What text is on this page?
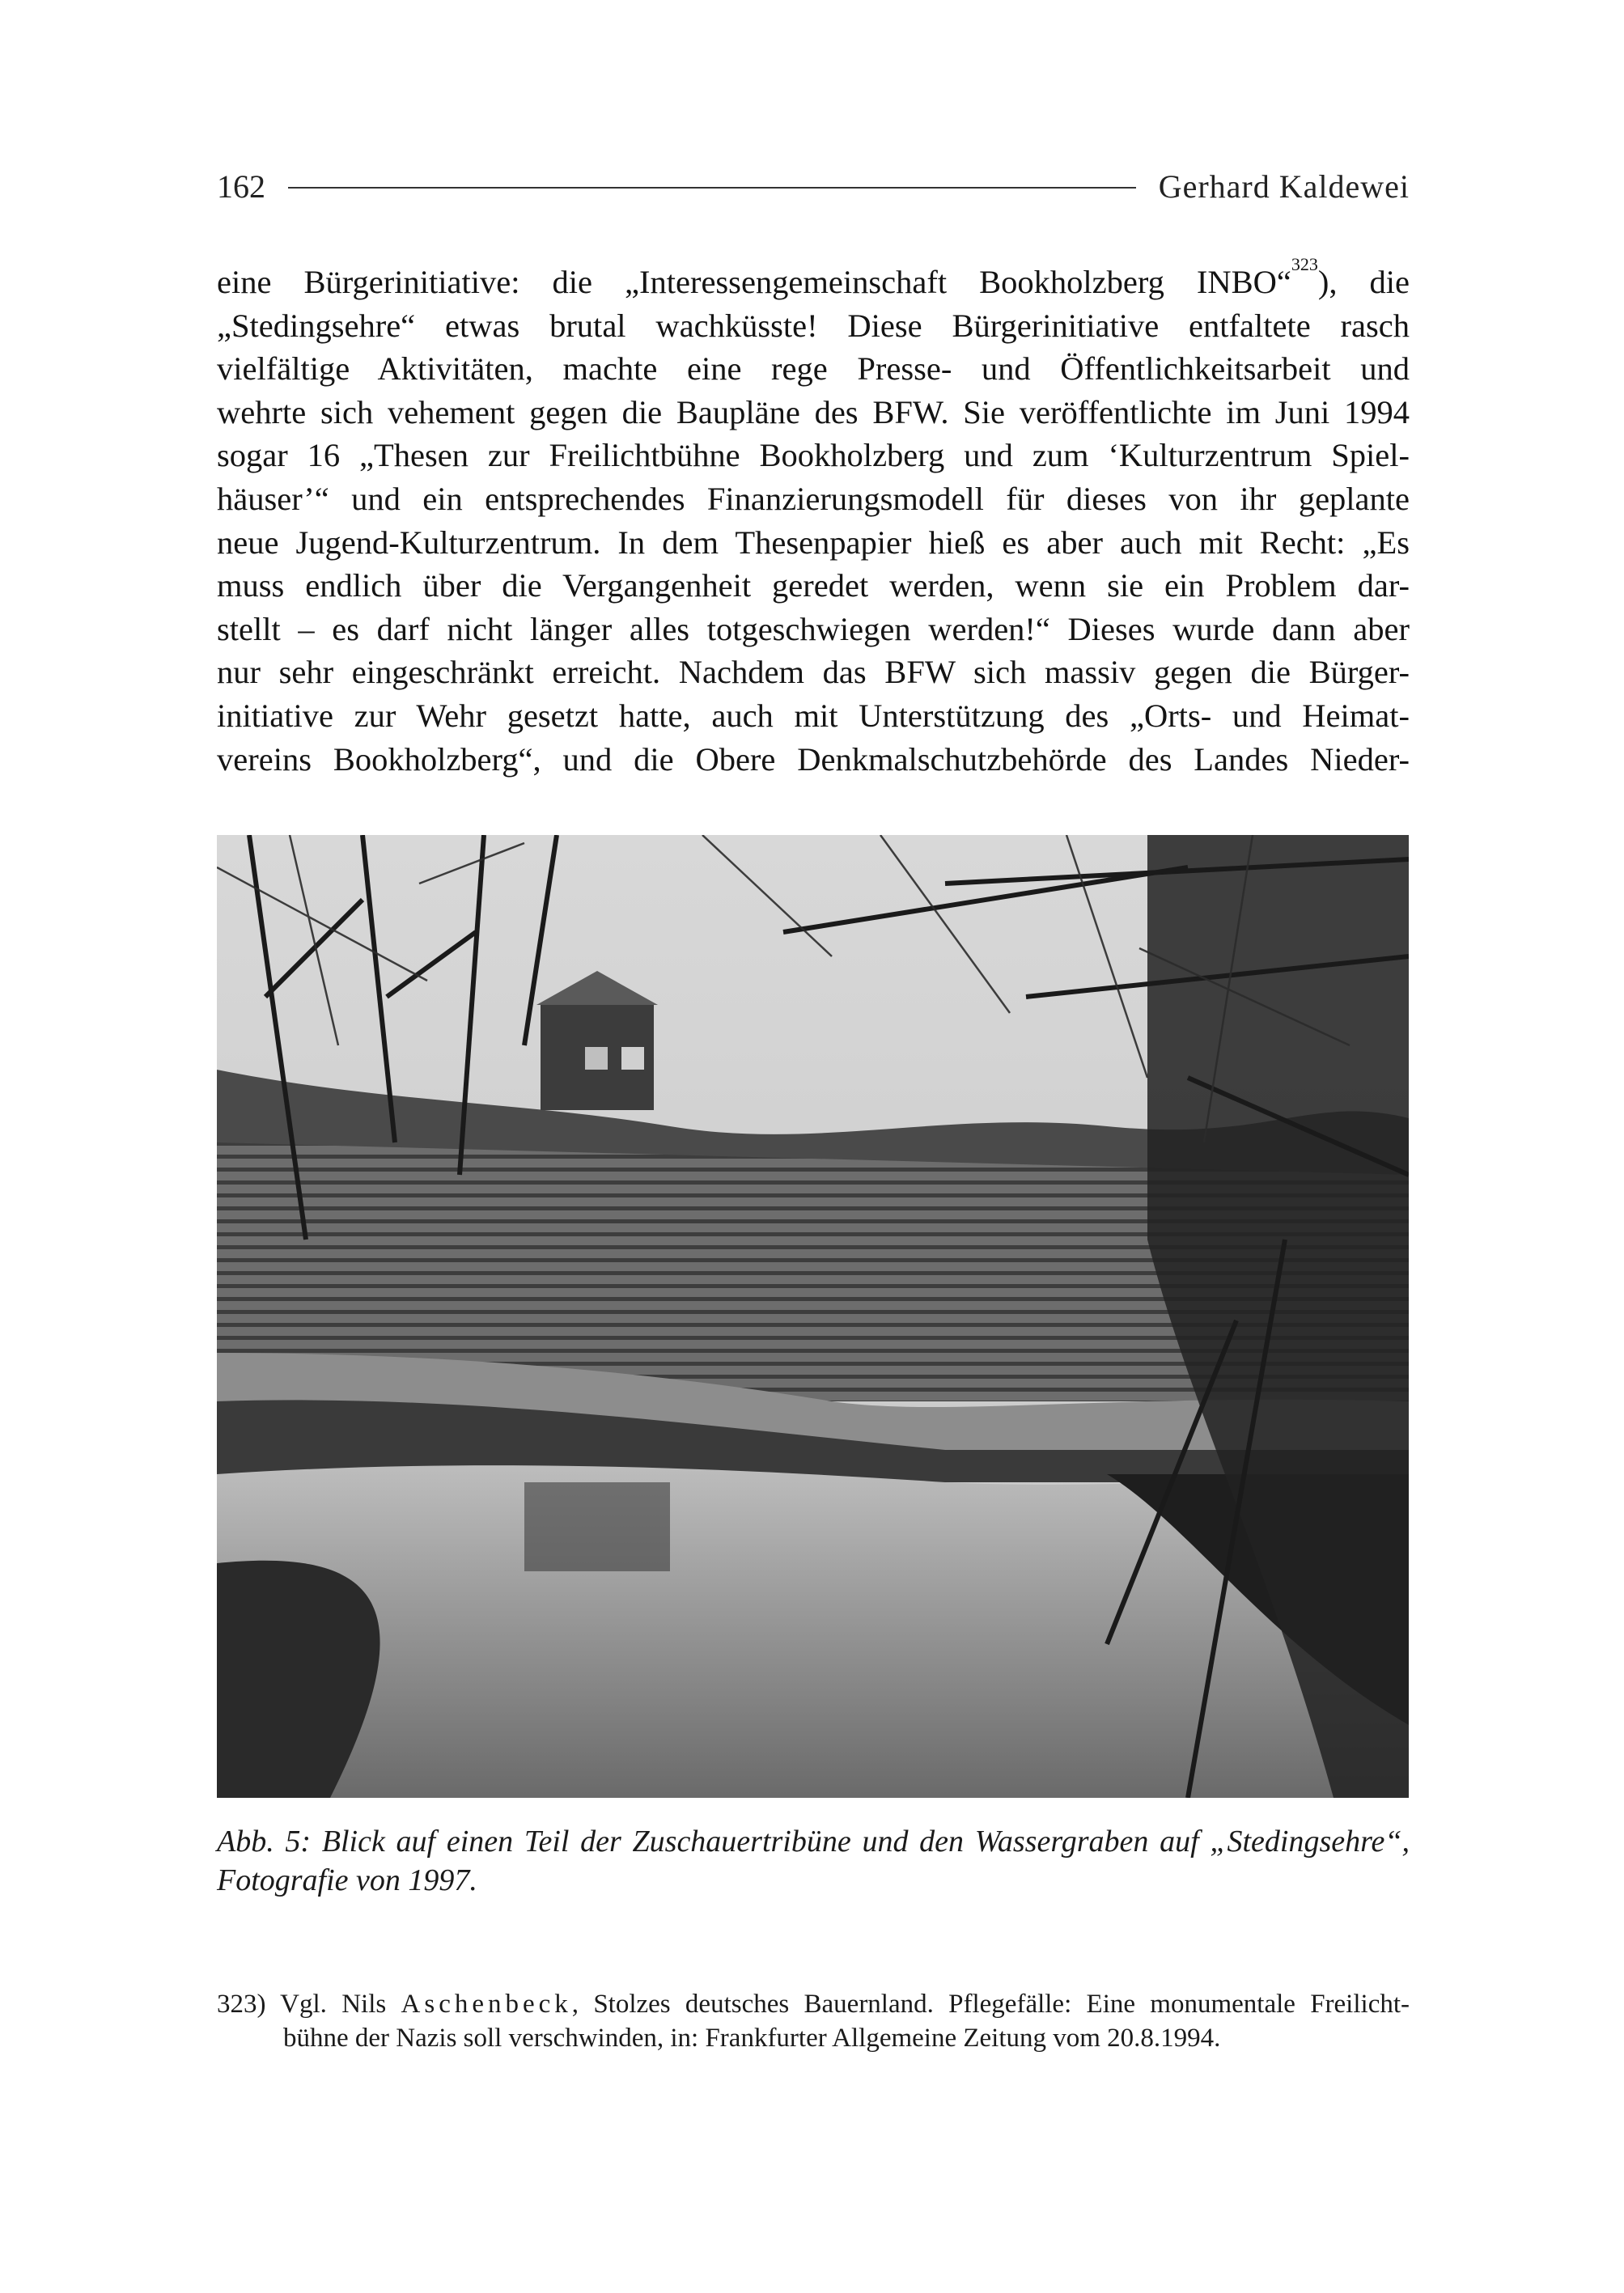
162	Gerhard Kaldewei
eine Bürgerinitiative: die „Interessengemeinschaft Bookholzberg INBO“$^{323}$), die
„Stedingsehre“ etwas brutal wachküsste! Diese Bürgerinitiative entfaltete rasch
vielfältige Aktivitäten, machte eine rege Presse- und Öffentlichkeitsarbeit und
wehrte sich vehement gegen die Baupläne des BFW. Sie veröffentlichte im Juni 1994
sogar 16 „Thesen zur Freilichtbühne Bookholzberg und zum ‘Kulturzentrum Spiel-
häuser’“ und ein entsprechendes Finanzierungsmodell für dieses von ihr geplante
neue Jugend-Kulturzentrum. In dem Thesenpapier hieß es aber auch mit Recht: „Es
muss endlich über die Vergangenheit geredet werden, wenn sie ein Problem dar-
stellt – es darf nicht länger alles totgeschwiegen werden!“ Dieses wurde dann aber
nur sehr eingeschränkt erreicht. Nachdem das BFW sich massiv gegen die Bürger-
initiative zur Wehr gesetzt hatte, auch mit Unterstützung des „Orts- und Heimat-
vereins Bookholzberg“, und die Obere Denkmalschutzbehörde des Landes Nieder-
Abb. 5: Blick auf einen Teil der Zuschauertribüne und den Wassergraben auf „Stedingsehre“,
Fotografie von 1997.
323) Vgl. Nils Aschenbeck, Stolzes deutsches Bauernland. Pflegefälle: Eine monumentale Freilicht-
bühne der Nazis soll verschwinden, in: Frankfurter Allgemeine Zeitung vom 20.8.1994.
